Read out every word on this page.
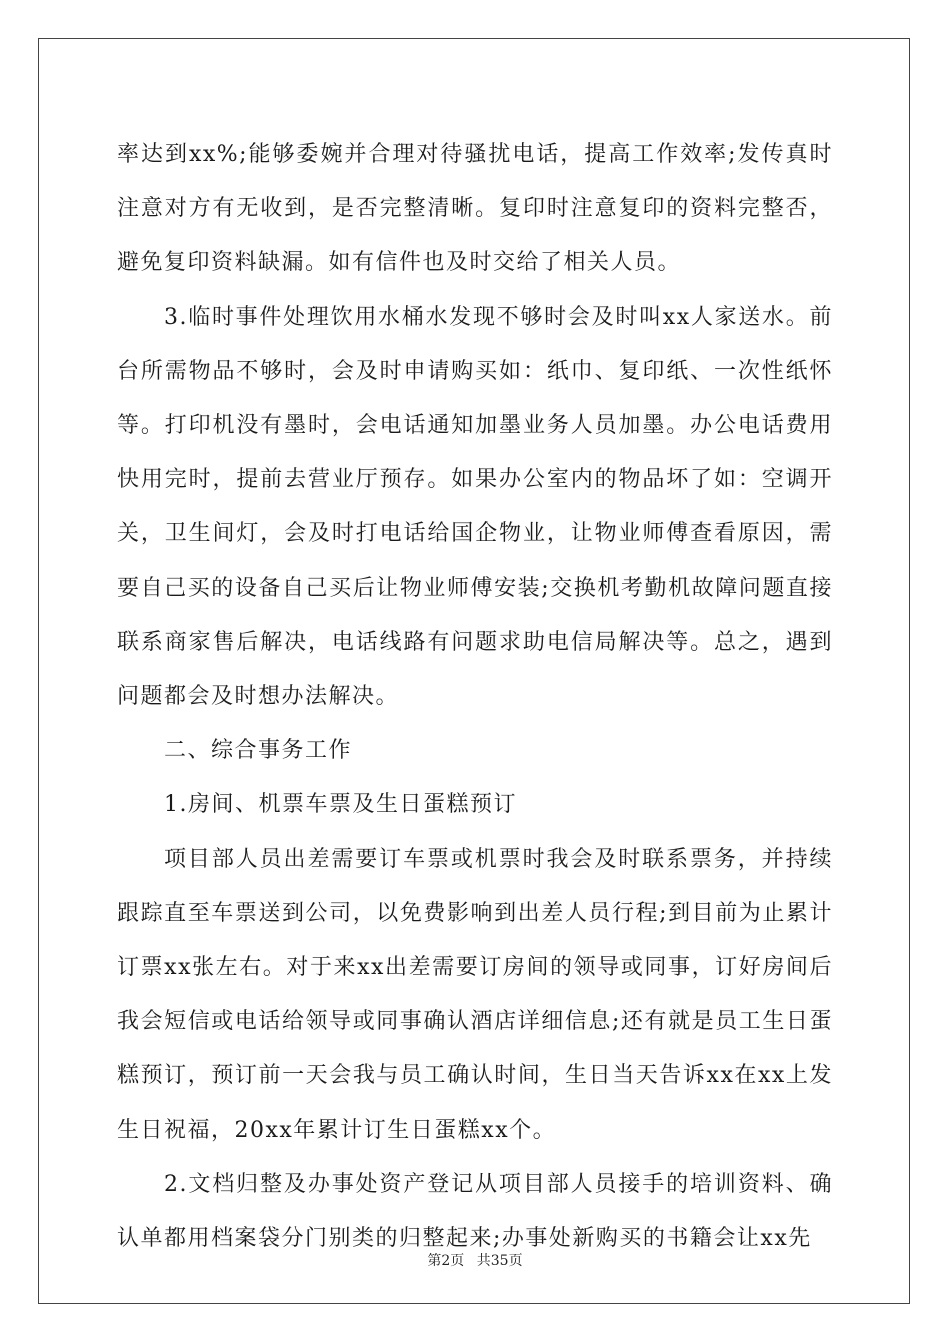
率达到xx%;能够委婉并合理对待骚扰电话，提高工作效率;发传真时注意对方有无收到，是否完整清晰。复印时注意复印的资料完整否，避免复印资料缺漏。如有信件也及时交给了相关人员。

3.临时事件处理饮用水桶水发现不够时会及时叫xx人家送水。前台所需物品不够时，会及时申请购买如：纸巾、复印纸、一次性纸怀等。打印机没有墨时，会电话通知加墨业务人员加墨。办公电话费用快用完时，提前去营业厅预存。如果办公室内的物品坏了如：空调开关，卫生间灯，会及时打电话给国企物业，让物业师傅查看原因，需要自己买的设备自己买后让物业师傅安装;交换机考勤机故障问题直接联系商家售后解决，电话线路有问题求助电信局解决等。总之，遇到问题都会及时想办法解决。

二、综合事务工作

1.房间、机票车票及生日蛋糕预订

项目部人员出差需要订车票或机票时我会及时联系票务，并持续跟踪直至车票送到公司，以免费影响到出差人员行程;到目前为止累计订票xx张左右。对于来xx出差需要订房间的领导或同事，订好房间后我会短信或电话给领导或同事确认酒店详细信息;还有就是员工生日蛋糕预订，预订前一天会我与员工确认时间，生日当天告诉xx在xx上发生日祝福，20xx年累计订生日蛋糕xx个。

2.文档归整及办事处资产登记从项目部人员接手的培训资料、确认单都用档案袋分门别类的归整起来;办事处新购买的书籍会让xx先

第2页 共35页
